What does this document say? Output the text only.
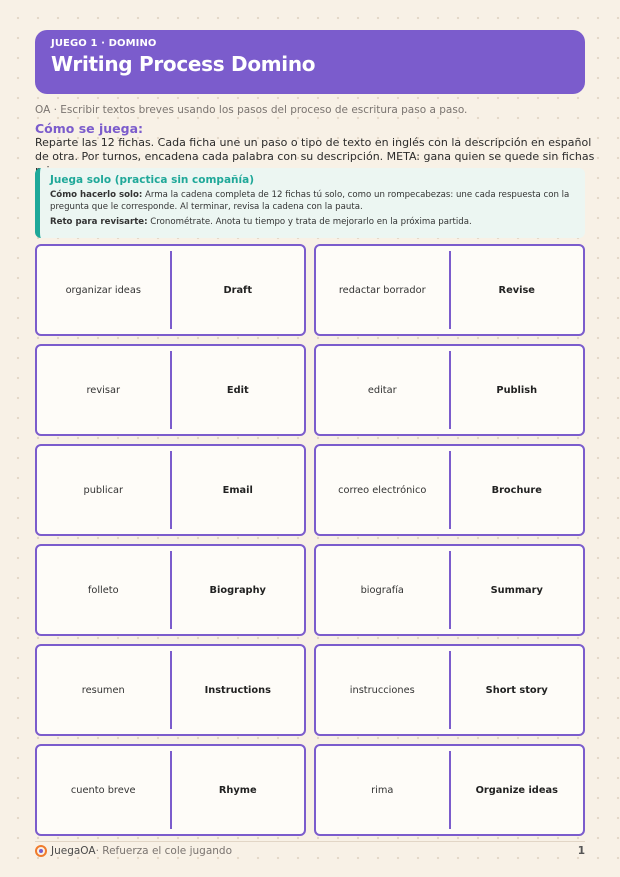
JUEGO 1 · DOMINO
Writing Process Domino
OA · Escribir textos breves usando los pasos del proceso de escritura paso a paso.
Cómo se juega:
Reparte las 12 fichas. Cada ficha une un paso o tipo de texto en inglés con la descripción en español de otra. Por turnos, encadena cada palabra con su descripción. META: gana quien se quede sin fichas
Juega solo (practica sin compañía)
Cómo hacerlo solo: Arma la cadena completa de 12 fichas tú solo, como un rompecabezas: une cada respuesta con la pregunta que le corresponde. Al terminar, revisa la cadena con la pauta.
Reto para revisarte: Cronométrate. Anota tu tiempo y trata de mejorarlo en la próxima partida.
organizar ideas	Draft	redactar borrador	Revise
revisar	Edit	editar	Publish
publicar	Email	correo electrónico	Brochure
folleto	Biography	biografía	Summary
resumen	Instructions	instrucciones	Short story
cuento breve	Rhyme	rima	Organize ideas
JuegaOA · Refuerza el cole jugando	1
